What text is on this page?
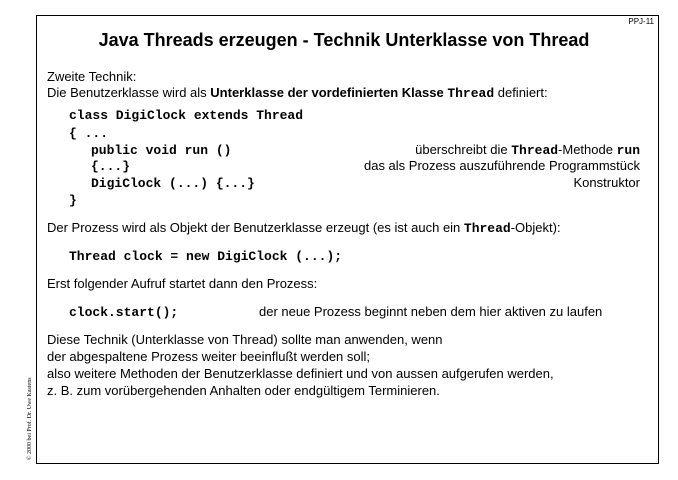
PPJ-11
© 2000 bei Prof. Dr. Uwe Kastens
Java Threads erzeugen - Technik Unterklasse von Thread
Zweite Technik:
Die Benutzerklasse wird als Unterklasse der vordefinierten Klasse Thread definiert:
class DigiClock extends Thread
{ ...
public void run ()	überschreibt die Thread-Methode run
{...}	das als Prozess auszuführende Programmstück
DigiClock (...) {...}	Konstruktor
}
Der Prozess wird als Objekt der Benutzerklasse erzeugt (es ist auch ein Thread-Objekt):
Thread clock = new DigiClock (...);
Erst folgender Aufruf startet dann den Prozess:
clock.start();	der neue Prozess beginnt neben dem hier aktiven zu laufen
Diese Technik (Unterklasse von Thread) sollte man anwenden, wenn
der abgespaltene Prozess weiter beeinflußt werden soll;
also weitere Methoden der Benutzerklasse definiert und von aussen aufgerufen werden,
z. B. zum vorübergehenden Anhalten oder endgültigem Terminieren.
